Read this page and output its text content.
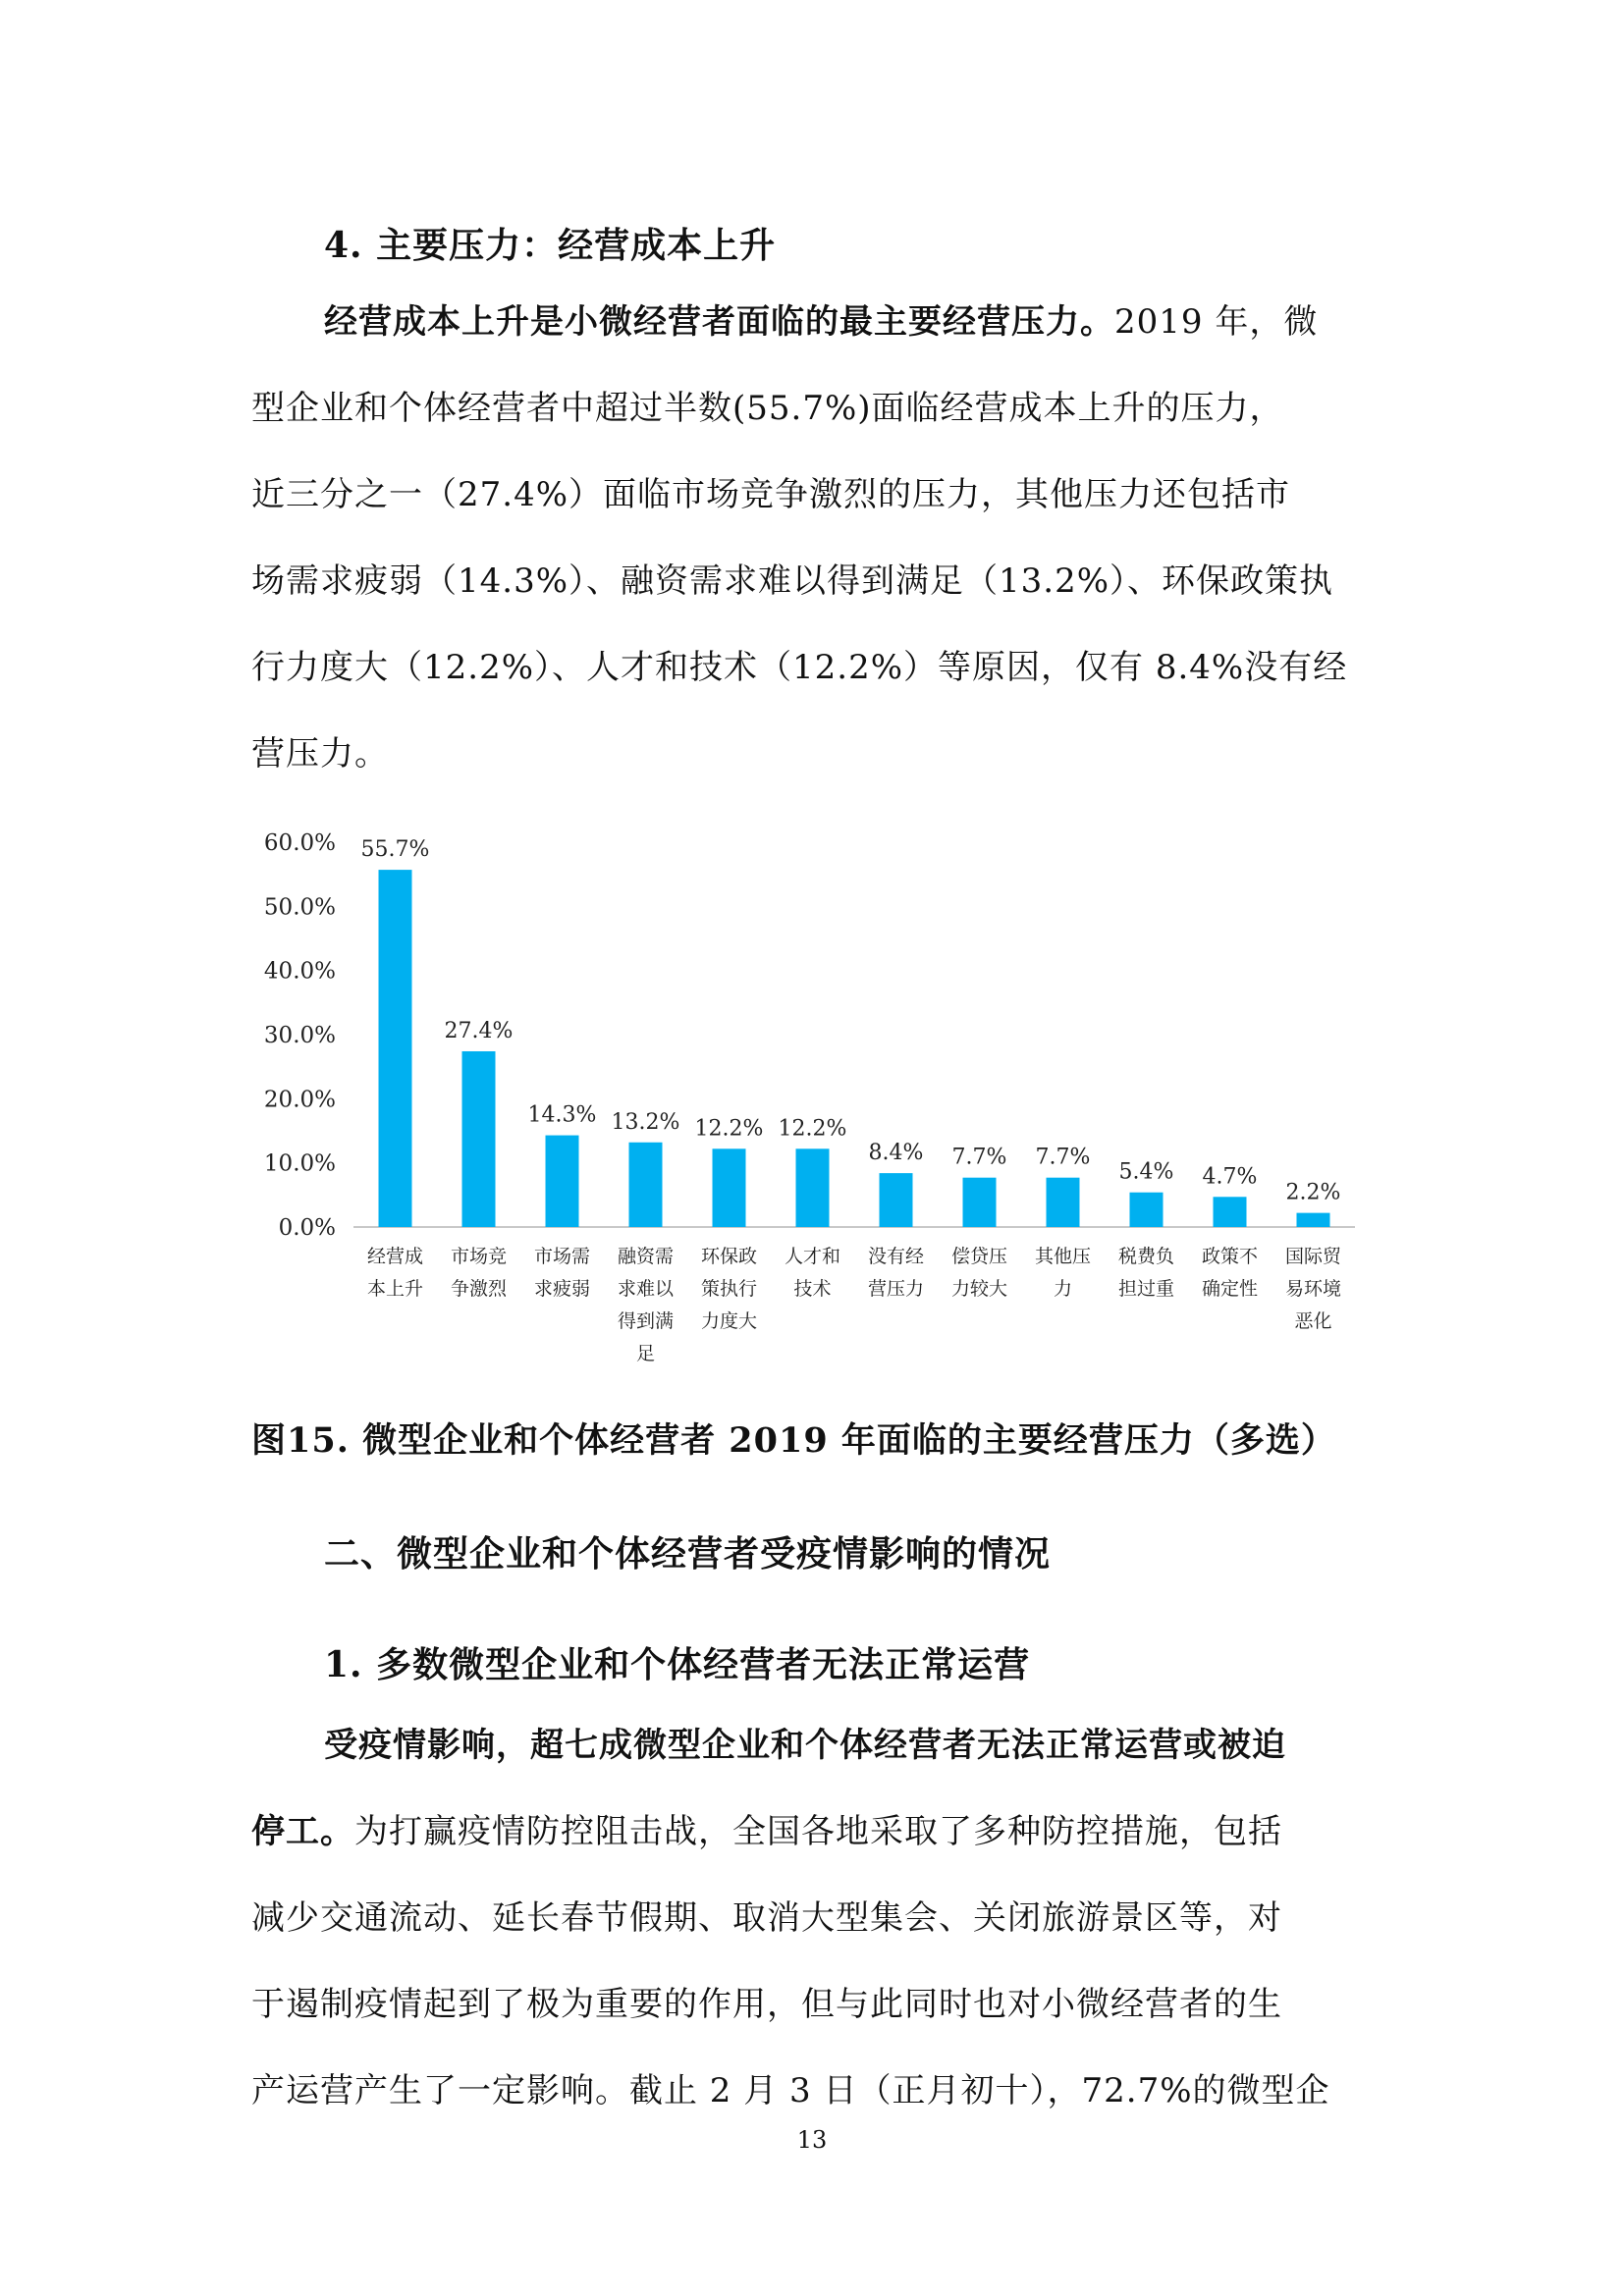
4. 主要压力：经营成本上升
经营成本上升是小微经营者面临的最主要经营压力。2019 年，微
型企业和个体经营者中超过半数(55.7%)面临经营成本上升的压力，
近三分之一（27.4%）面临市场竞争激烈的压力，其他压力还包括市
场需求疲弱（14.3%）、融资需求难以得到满足（13.2%）、环保政策执
行力度大（12.2%）、人才和技术（12.2%）等原因，仅有 8.4%没有经
营压力。
0.0%
10.0%
20.0%
30.0%
40.0%
50.0%
60.0% 55.7%
经营成
本上升
27.4%
市场竞
争激烈
14.3%
市场需
求疲弱
13.2%
融资需
求难以
得到满
足
12.2%
环保政
策执行
力度大
12.2%
人才和
技术
8.4%
没有经
营压力
7.7%
偿贷压
力较大
7.7%
其他压
力
5.4%
税费负
担过重
4.7%
政策不
确定性
2.2%
国际贸
易环境
恶化
图15. 微型企业和个体经营者 2019 年面临的主要经营压力（多选）
二、微型企业和个体经营者受疫情影响的情况
1. 多数微型企业和个体经营者无法正常运营
受疫情影响，超七成微型企业和个体经营者无法正常运营或被迫
停工。为打赢疫情防控阻击战，全国各地采取了多种防控措施，包括
减少交通流动、延长春节假期、取消大型集会、关闭旅游景区等，对
于遏制疫情起到了极为重要的作用，但与此同时也对小微经营者的生
产运营产生了一定影响。截止 2 月 3 日（正月初十），72.7%的微型企
13
